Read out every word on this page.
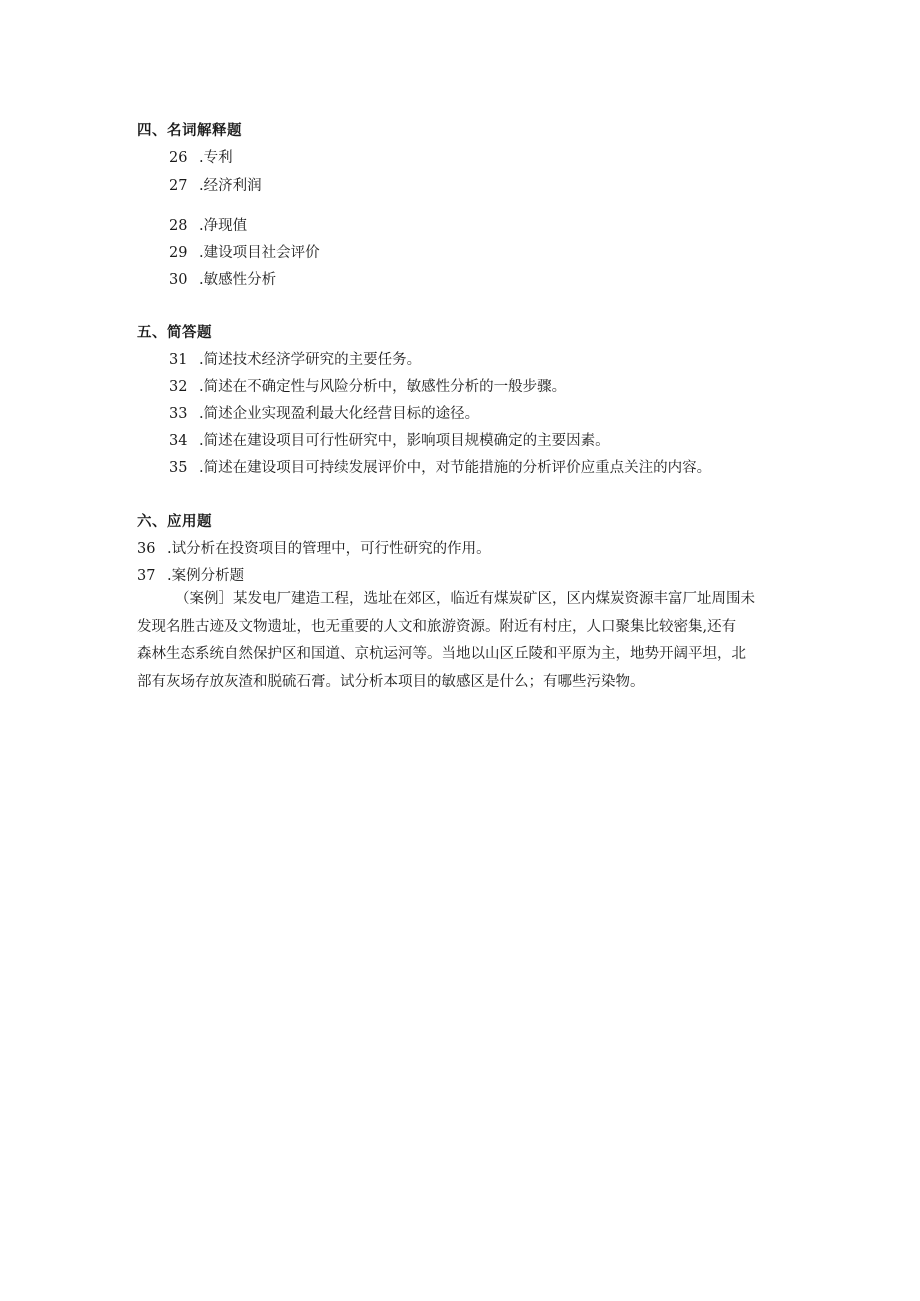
四、名词解释题
26 .专利
27 .经济利润
28 .净现值
29 .建设项目社会评价
30 .敏感性分析
五、简答题
31 .简述技术经济学研究的主要任务。
32 .简述在不确定性与风险分析中，敏感性分析的一般步骤。
33 .简述企业实现盈利最大化经营目标的途径。
34 .简述在建设项目可行性研究中，影响项目规模确定的主要因素。
35 .简述在建设项目可持续发展评价中，对节能措施的分析评价应重点关注的内容。
六、应用题
36 .试分析在投资项目的管理中，可行性研究的作用。
37 .案例分析题
（案例］某发电厂建造工程，选址在郊区，临近有煤炭矿区，区内煤炭资源丰富厂址周围未
发现名胜古迹及文物遗址，也无重要的人文和旅游资源。附近有村庄，人口聚集比较密集,还有
森林生态系统自然保护区和国道、京杭运河等。当地以山区丘陵和平原为主，地势开阔平坦，北
部有灰场存放灰渣和脱硫石膏。试分析本项目的敏感区是什么；有哪些污染物。
